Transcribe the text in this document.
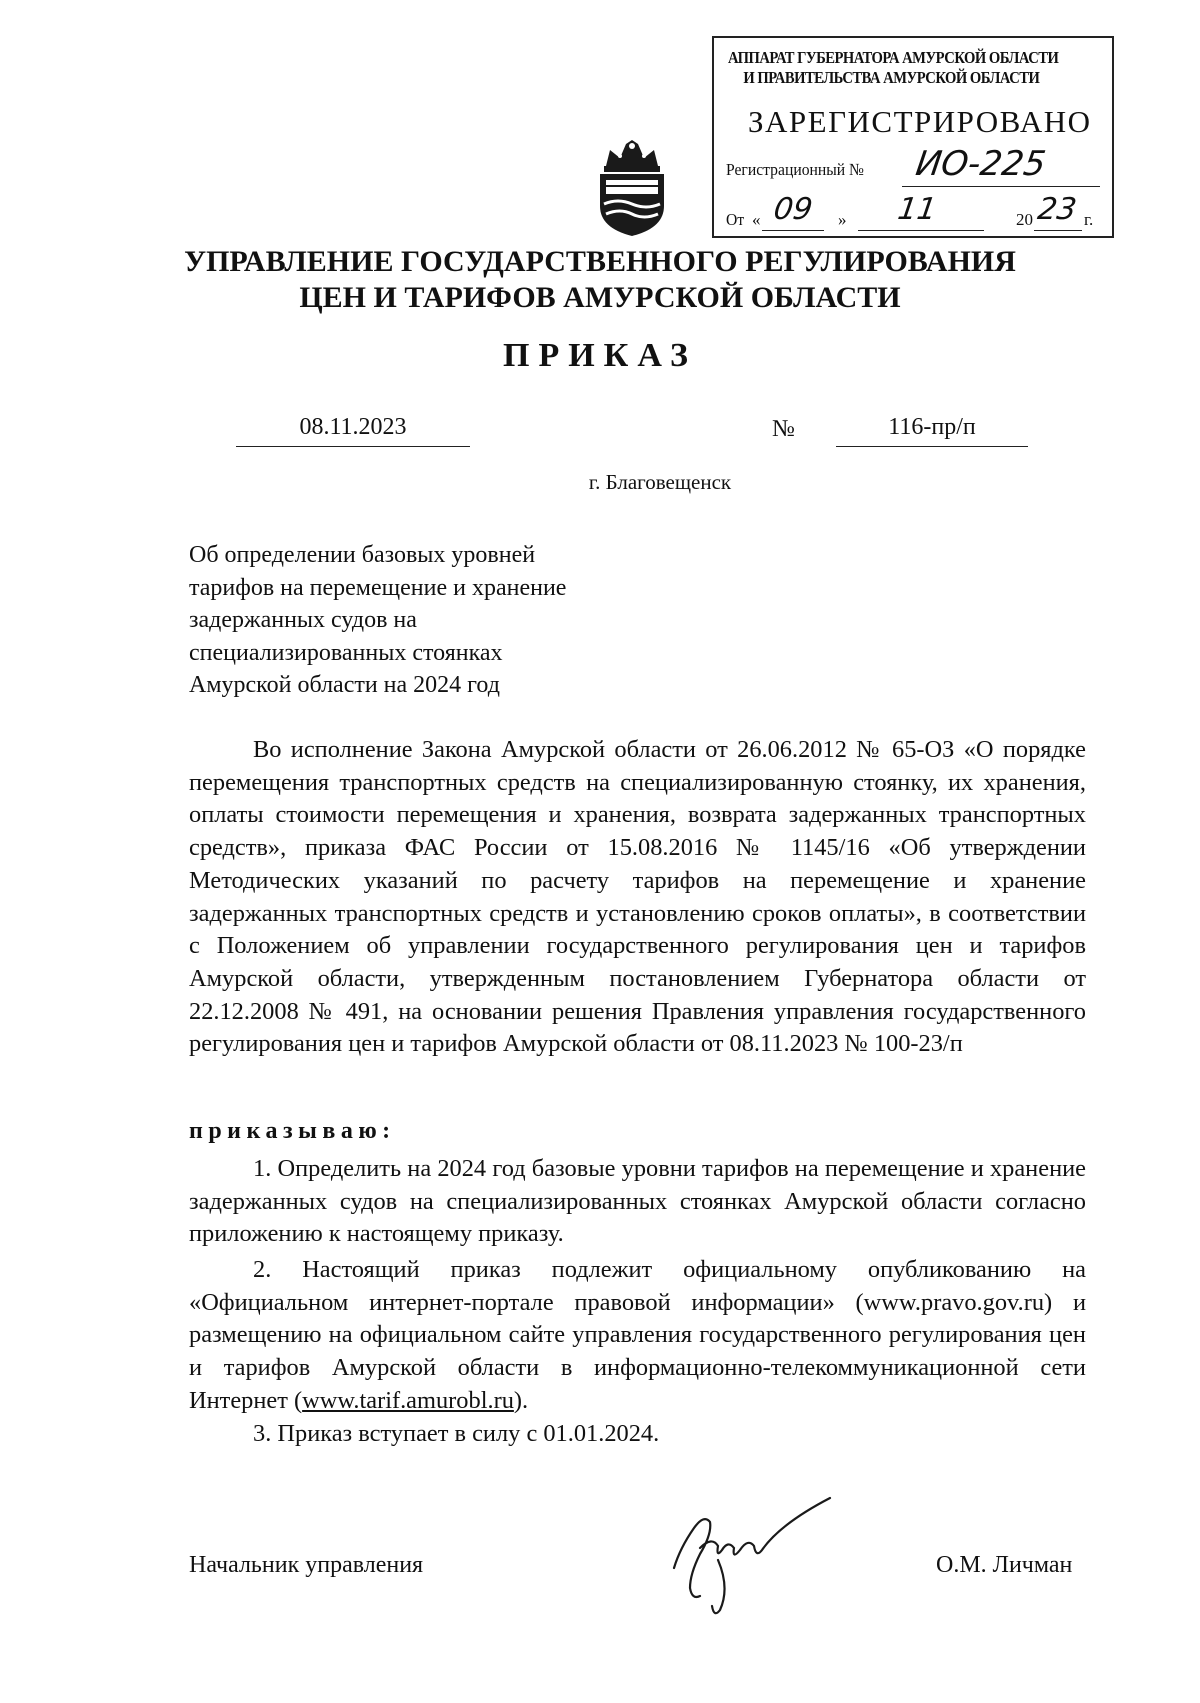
АППАРАТ ГУБЕРНАТОРА АМУРСКОЙ ОБЛАСТИ
И ПРАВИТЕЛЬСТВА АМУРСКОЙ ОБЛАСТИ
ЗАРЕГИСТРИРОВАНО
Регистрационный № ИО-225
От « 09 » 11	20 23 г.
УПРАВЛЕНИЕ ГОСУДАРСТВЕННОГО РЕГУЛИРОВАНИЯ
ЦЕН И ТАРИФОВ АМУРСКОЙ ОБЛАСТИ
ПРИКАЗ
08.11.2023	№	116-пр/п
г. Благовещенск
Об определении базовых уровней
тарифов на перемещение и хранение
задержанных судов на
специализированных стоянках
Амурской области на 2024 год
Во исполнение Закона Амурской области от 26.06.2012 № 65-ОЗ «О порядке перемещения транспортных средств на специализированную стоянку, их хранения, оплаты стоимости перемещения и хранения, возврата задержанных транспортных средств», приказа ФАС России от 15.08.2016 № 1145/16 «Об утверждении Методических указаний по расчету тарифов на перемещение и хранение задержанных транспортных средств и установлению сроков оплаты», в соответствии с Положением об управлении государственного регулирования цен и тарифов Амурской области, утвержденным постановлением Губернатора области от 22.12.2008 № 491, на основании решения Правления управления государственного регулирования цен и тарифов Амурской области от 08.11.2023 № 100-23/п
приказываю:
1. Определить на 2024 год базовые уровни тарифов на перемещение и хранение задержанных судов на специализированных стоянках Амурской области согласно приложению к настоящему приказу.
2. Настоящий приказ подлежит официальному опубликованию на «Официальном интернет-портале правовой информации» (www.pravo.gov.ru) и размещению на официальном сайте управления государственного регулирования цен и тарифов Амурской области в информационно-телекоммуникационной сети Интернет (www.tarif.amurobl.ru).
3. Приказ вступает в силу с 01.01.2024.
Начальник управления	О.М. Личман
